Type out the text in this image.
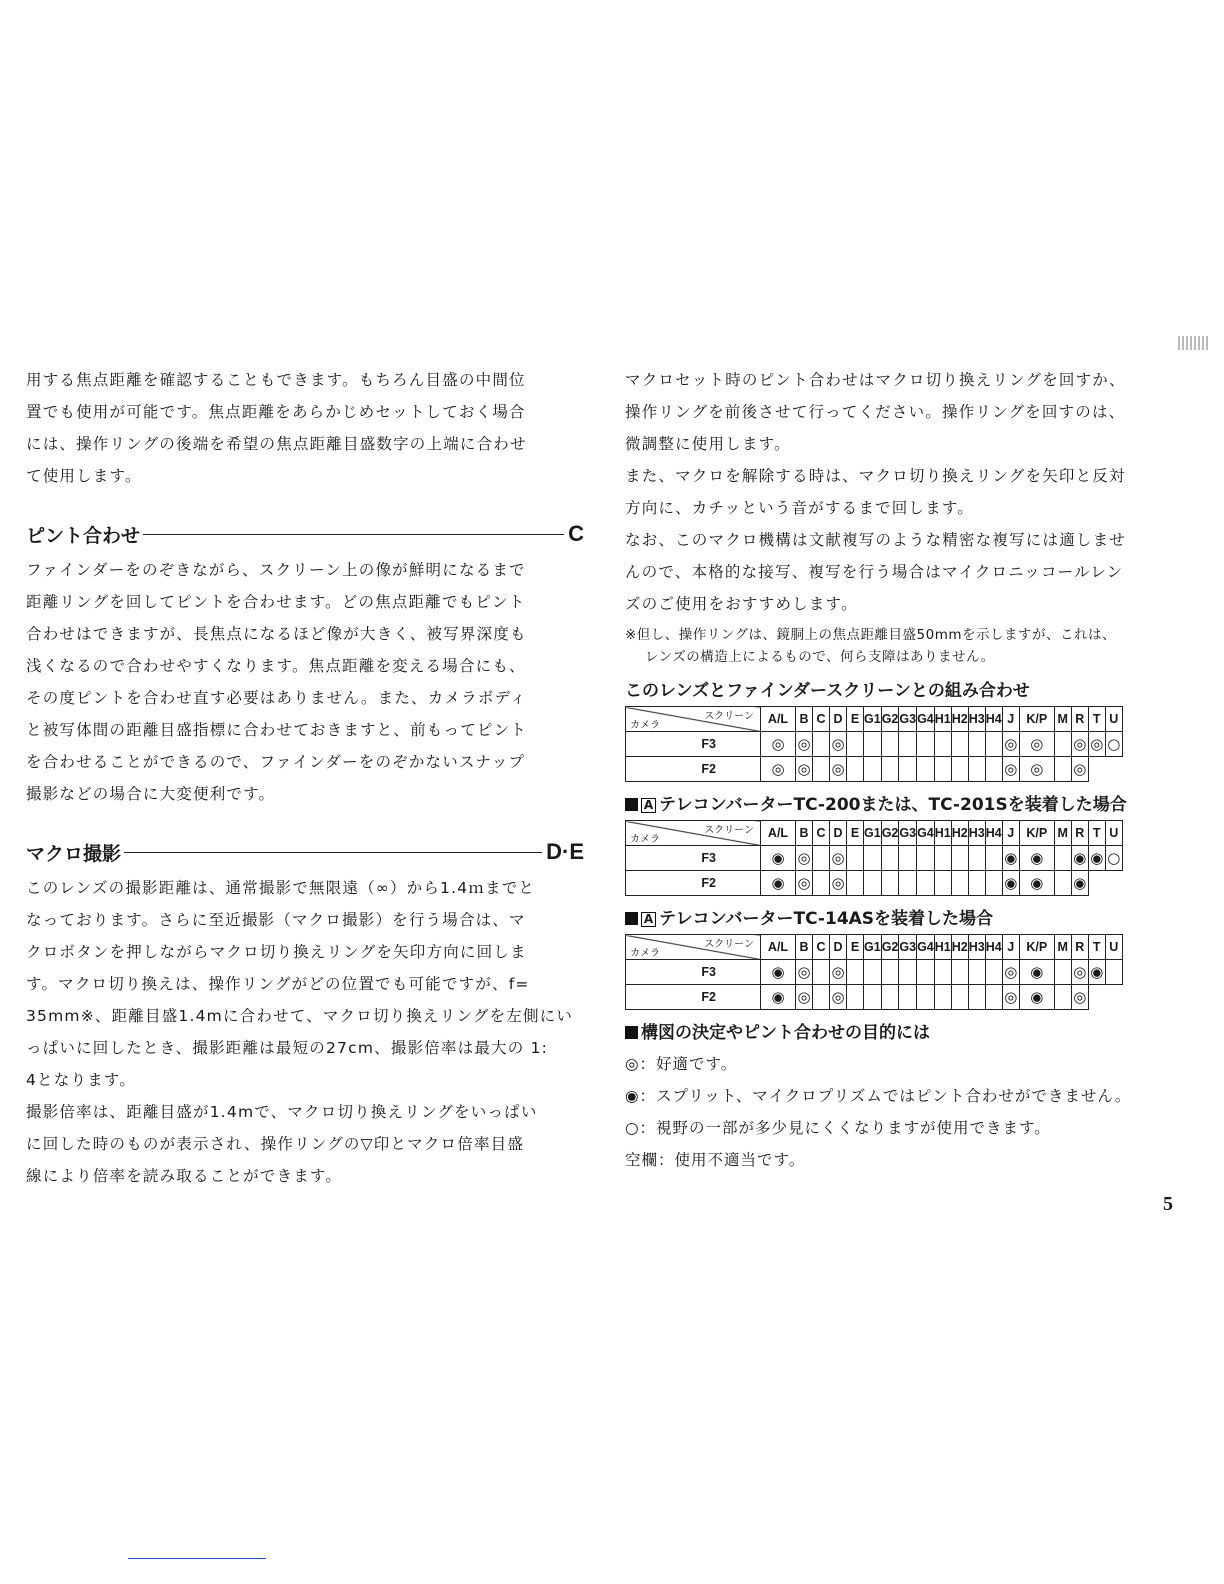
用する焦点距離を確認することもできます。もちろん目盛の中間位

置でも使用が可能です。焦点距離をあらかじめセットしておく場合

には、操作リングの後端を希望の焦点距離目盛数字の上端に合わせ

て使用します。

ピント合わせ	C

ファインダーをのぞきながら、スクリーン上の像が鮮明になるまで

距離リングを回してピントを合わせます。どの焦点距離でもピント

合わせはできますが、長焦点になるほど像が大きく、被写界深度も

浅くなるので合わせやすくなります。焦点距離を変える場合にも、

その度ピントを合わせ直す必要はありません。また、カメラボディ

と被写体間の距離目盛指標に合わせておきますと、前もってピント

を合わせることができるので、ファインダーをのぞかないスナップ

撮影などの場合に大変便利です。

マクロ撮影	D·E

このレンズの撮影距離は、通常撮影で無限遠（∞）から1.4ｍまでと

なっております。さらに至近撮影（マクロ撮影）を行う場合は、マ

クロボタンを押しながらマクロ切り換えリングを矢印方向に回しま

す。マクロ切り換えは、操作リングがどの位置でも可能ですが、f=

35mm※、距離目盛1.4mに合わせて、マクロ切り換えリングを左側にい

っぱいに回したとき、撮影距離は最短の27cm、撮影倍率は最大の 1:

4となります。

撮影倍率は、距離目盛が1.4mで、マクロ切り換えリングをいっぱい

に回した時のものが表示され、操作リングの▽印とマクロ倍率目盛

線により倍率を読み取ることができます。

マクロセット時のピント合わせはマクロ切り換えリングを回すか、

操作リングを前後させて行ってください。操作リングを回すのは、

微調整に使用します。

また、マクロを解除する時は、マクロ切り換えリングを矢印と反対

方向に、カチッという音がするまで回します。

なお、このマクロ機構は文献複写のような精密な複写には適しませ

んので、本格的な接写、複写を行う場合はマイクロニッコールレン

ズのご使用をおすすめします。

※但し、操作リングは、鏡胴上の焦点距離目盛50mmを示しますが、これは、
レンズの構造上によるもので、何ら支障はありません。
このレンズとファインダースクリーンとの組み合わせ
スクリーン
カメラ	A/L	B	C	D	E	G1	G2	G3	G4	H1	H2	H3	H4	J	K/P	M	R	T	U
F3	◎	◎		◎										◎	◎		◎	◎	○
F2	◎	◎		◎										◎	◎		◎		
A テレコンバーターTC-200または、TC-201Sを装着した場合
スクリーン
カメラ	A/L	B	C	D	E	G1	G2	G3	G4	H1	H2	H3	H4	J	K/P	M	R	T	U
F3	◉	◎		◎										◉	◉		◉	◉	○
F2	◉	◎		◎										◉	◉		◉		
A テレコンバーターTC-14ASを装着した場合
スクリーン
カメラ	A/L	B	C	D	E	G1	G2	G3	G4	H1	H2	H3	H4	J	K/P	M	R	T	U
F3	◉	◎		◎										◎	◉		◎	◉	
F2	◉	◎		◎										◎	◉		◎		
構図の決定やピント合わせの目的には

◎：好適です。

◉：スプリット、マイクロプリズムではピント合わせができません。

○：視野の一部が多少見にくくなりますが使用できます。

空欄：使用不適当です。

5
